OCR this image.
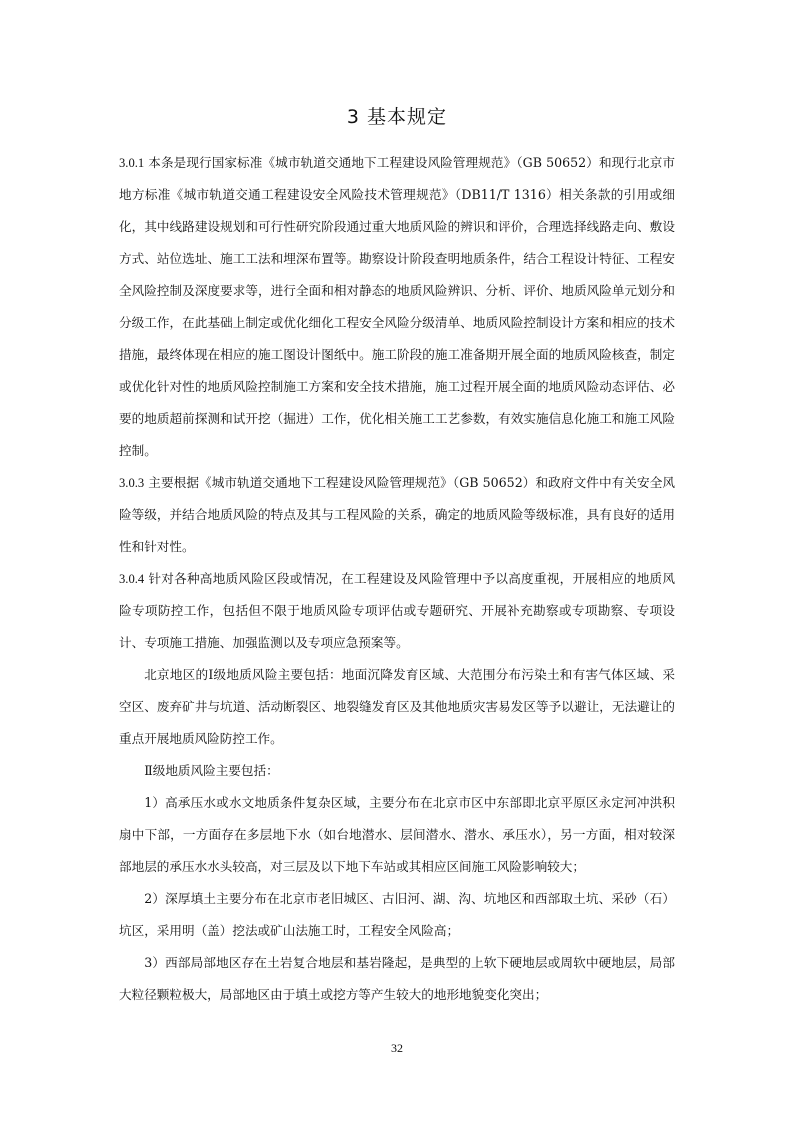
3 基本规定

3.0.1 本条是现行国家标准《城市轨道交通地下工程建设风险管理规范》（GB 50652）和现行北京市地方标准《城市轨道交通工程建设安全风险技术管理规范》（DB11/T 1316）相关条款的引用或细化，其中线路建设规划和可行性研究阶段通过重大地质风险的辨识和评价，合理选择线路走向、敷设方式、站位选址、施工工法和埋深布置等。勘察设计阶段查明地质条件，结合工程设计特征、工程安全风险控制及深度要求等，进行全面和相对静态的地质风险辨识、分析、评价、地质风险单元划分和分级工作，在此基础上制定或优化细化工程安全风险分级清单、地质风险控制设计方案和相应的技术措施，最终体现在相应的施工图设计图纸中。施工阶段的施工准备期开展全面的地质风险核查，制定或优化针对性的地质风险控制施工方案和安全技术措施，施工过程开展全面的地质风险动态评估、必要的地质超前探测和试开挖（掘进）工作，优化相关施工工艺参数，有效实施信息化施工和施工风险控制。

3.0.3 主要根据《城市轨道交通地下工程建设风险管理规范》（GB 50652）和政府文件中有关安全风险等级，并结合地质风险的特点及其与工程风险的关系，确定的地质风险等级标准，具有良好的适用性和针对性。

3.0.4 针对各种高地质风险区段或情况，在工程建设及风险管理中予以高度重视，开展相应的地质风险专项防控工作，包括但不限于地质风险专项评估或专题研究、开展补充勘察或专项勘察、专项设计、专项施工措施、加强监测以及专项应急预案等。

北京地区的Ⅰ级地质风险主要包括：地面沉降发育区域、大范围分布污染土和有害气体区域、采空区、废弃矿井与坑道、活动断裂区、地裂缝发育区及其他地质灾害易发区等予以避让，无法避让的重点开展地质风险防控工作。

Ⅱ级地质风险主要包括：

1）高承压水或水文地质条件复杂区域，主要分布在北京市区中东部即北京平原区永定河冲洪积扇中下部，一方面存在多层地下水（如台地潜水、层间潜水、潜水、承压水），另一方面，相对较深部地层的承压水水头较高，对三层及以下地下车站或其相应区间施工风险影响较大；

2）深厚填土主要分布在北京市老旧城区、古旧河、湖、沟、坑地区和西部取土坑、采砂（石）坑区，采用明（盖）挖法或矿山法施工时，工程安全风险高；

3）西部局部地区存在土岩复合地层和基岩隆起，是典型的上软下硬地层或周软中硬地层，局部大粒径颗粒极大，局部地区由于填土或挖方等产生较大的地形地貌变化突出；

32
